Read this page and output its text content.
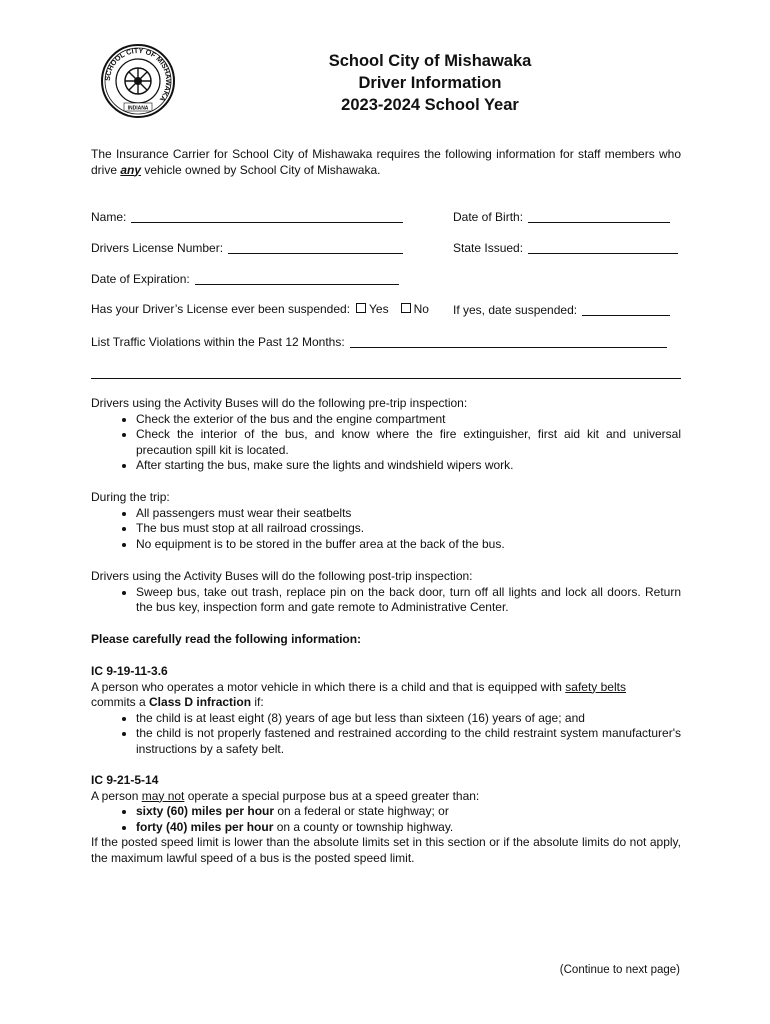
SCHOOL CITY OF MISHAWAKA
INDIANA
School City of Mishawaka
Driver Information
2023-2024 School Year
The Insurance Carrier for School City of Mishawaka requires the following information for staff members who drive any vehicle owned by School City of Mishawaka.
Name:	Date of Birth:
Drivers License Number:	State Issued:
Date of Expiration:
Has your Driver’s License ever been suspended: Yes No If yes, date suspended:
List Traffic Violations within the Past 12 Months:
Drivers using the Activity Buses will do the following pre-trip inspection:
• Check the exterior of the bus and the engine compartment
• Check the interior of the bus, and know where the fire extinguisher, first aid kit and universal precaution spill kit is located.
• After starting the bus, make sure the lights and windshield wipers work.
During the trip:
• All passengers must wear their seatbelts
• The bus must stop at all railroad crossings.
• No equipment is to be stored in the buffer area at the back of the bus.
Drivers using the Activity Buses will do the following post-trip inspection:
• Sweep bus, take out trash, replace pin on the back door, turn off all lights and lock all doors. Return the bus key, inspection form and gate remote to Administrative Center.
Please carefully read the following information:
IC 9-19-11-3.6
A person who operates a motor vehicle in which there is a child and that is equipped with safety belts
commits a Class D infraction if:
• the child is at least eight (8) years of age but less than sixteen (16) years of age; and
• the child is not properly fastened and restrained according to the child restraint system manufacturer's instructions by a safety belt.
IC 9-21-5-14
A person may not operate a special purpose bus at a speed greater than:
• sixty (60) miles per hour on a federal or state highway; or
• forty (40) miles per hour on a county or township highway.
If the posted speed limit is lower than the absolute limits set in this section or if the absolute limits do not apply, the maximum lawful speed of a bus is the posted speed limit.
(Continue to next page)
